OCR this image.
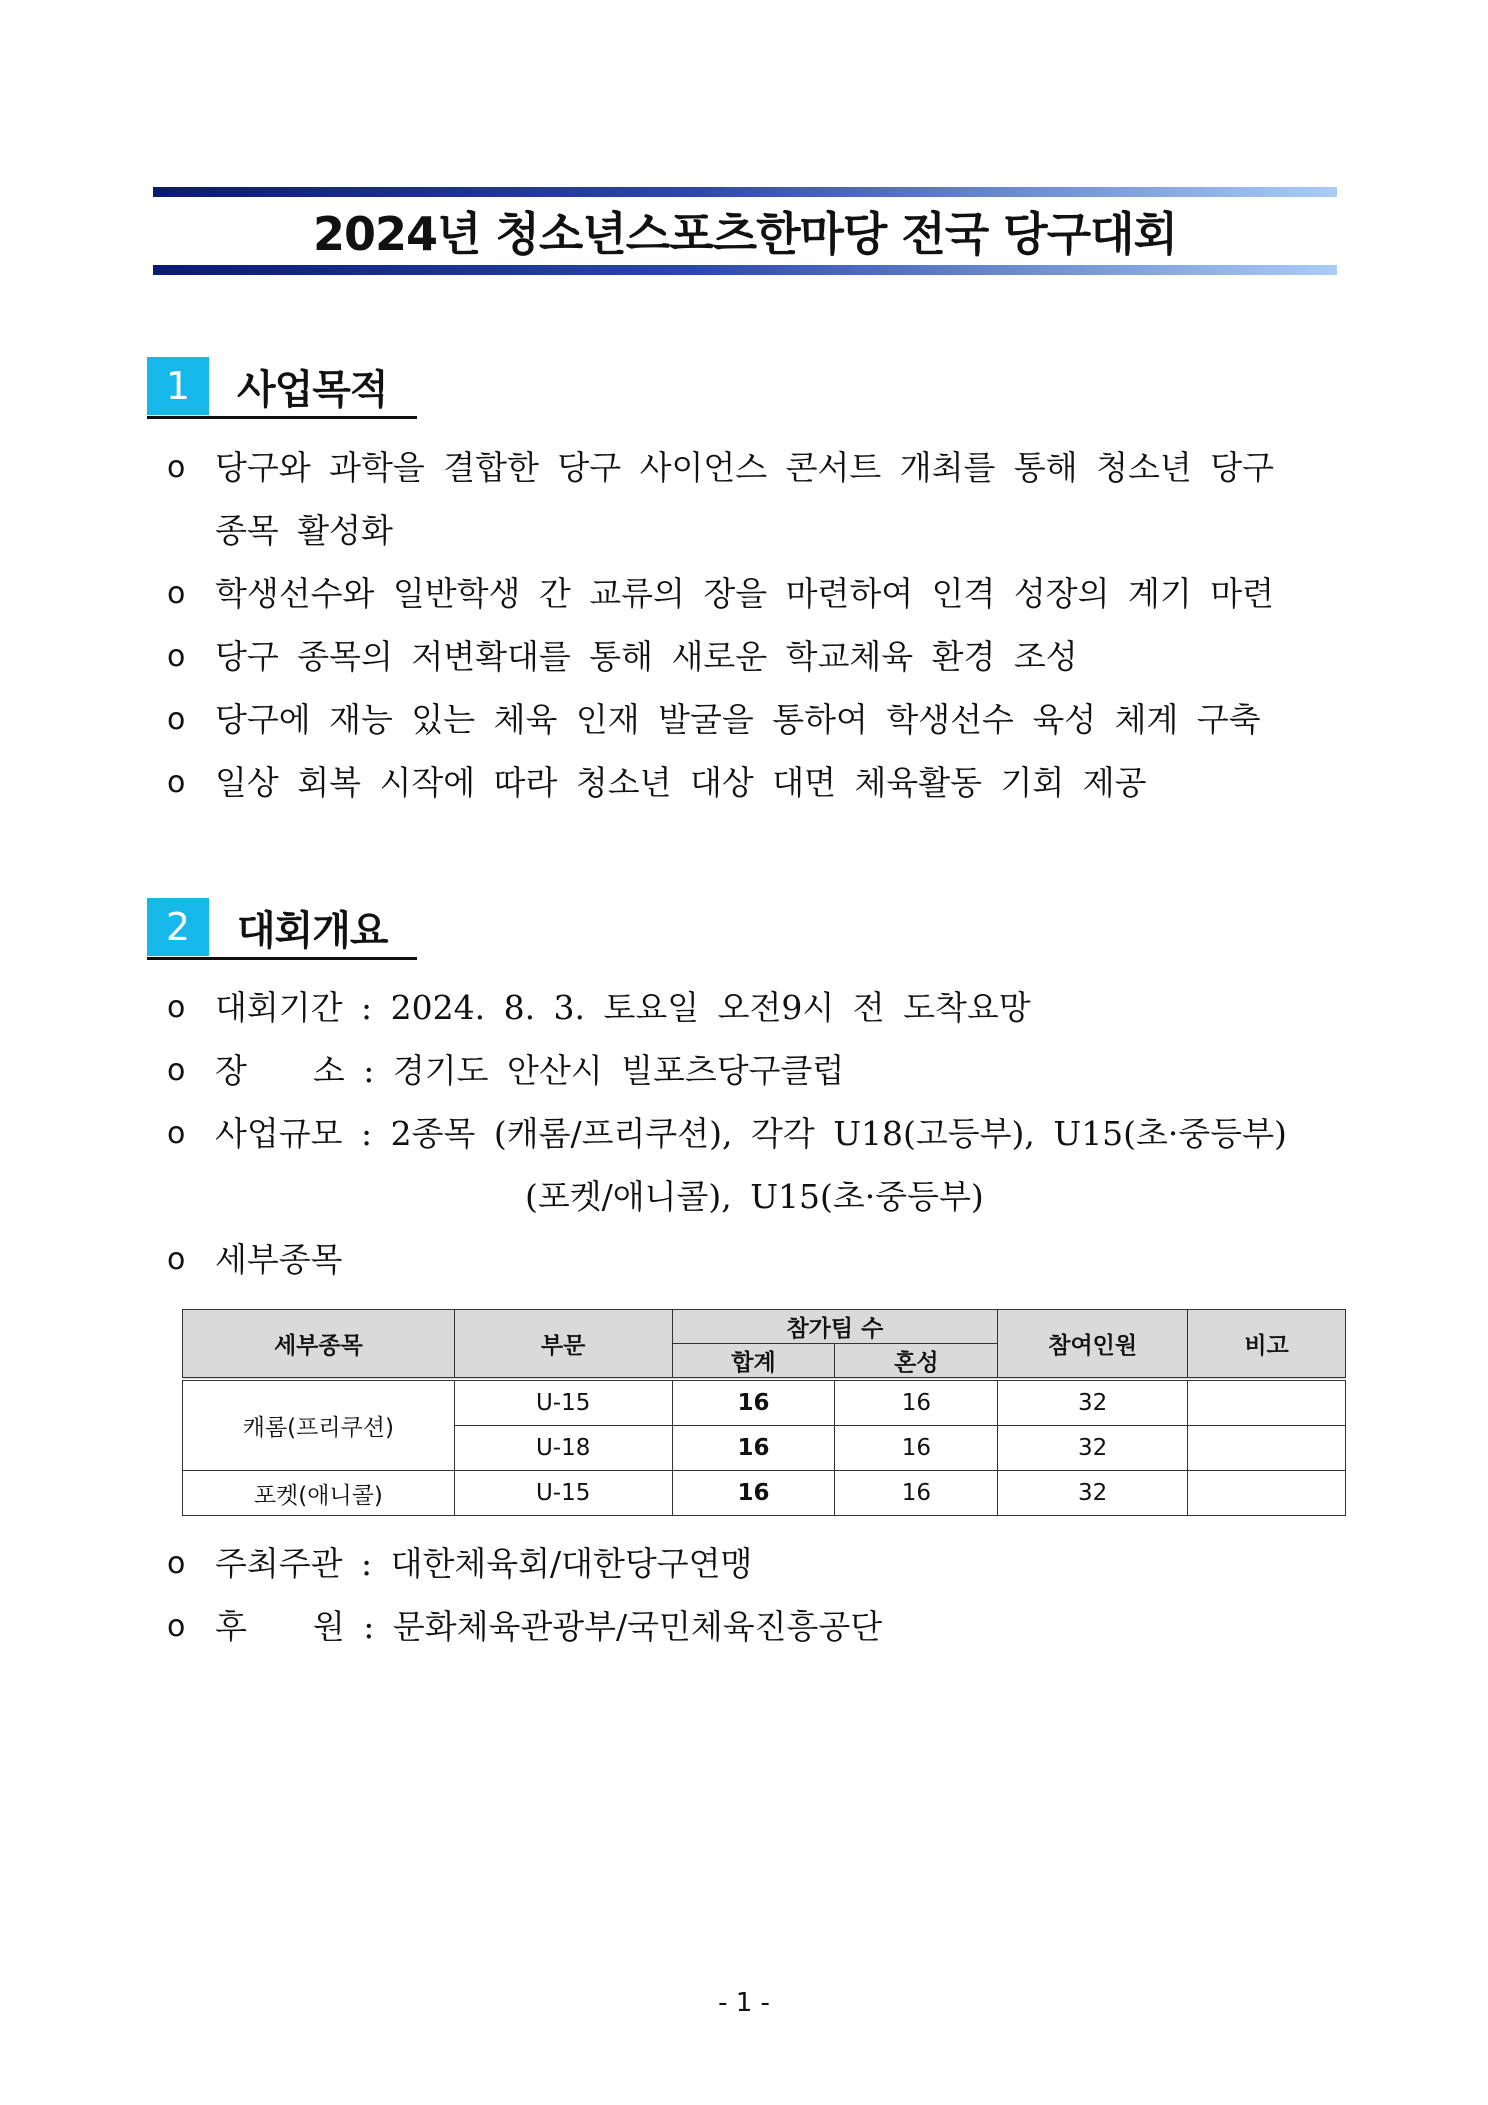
2024년 청소년스포츠한마당 전국 당구대회
1	사업목적
o 당구와 과학을 결합한 당구 사이언스 콘서트 개최를 통해 청소년 당구
종목 활성화
o 학생선수와 일반학생 간 교류의 장을 마련하여 인격 성장의 계기 마련
o 당구 종목의 저변확대를 통해 새로운 학교체육 환경 조성
o 당구에 재능 있는 체육 인재 발굴을 통하여 학생선수 육성 체계 구축
o 일상 회복 시작에 따라 청소년 대상 대면 체육활동 기회 제공
2	대회개요
o 대회기간 : 2024. 8. 3. 토요일 오전9시 전 도착요망
o 장　　소 : 경기도 안산시 빌포츠당구클럽
o 사업규모 : 2종목 (캐롬/프리쿠션), 각각 U18(고등부), U15(초·중등부)
(포켓/애니콜), U15(초·중등부)
o 세부종목
세부종목	부문	참가팀 수		참여인원	비고
		합계	혼성		
캐롬(프리쿠션)	U-15	16	16	32	
	U-18	16	16	32	
포켓(애니콜)	U-15	16	16	32	
o 주최주관 : 대한체육회/대한당구연맹
o 후　　원 : 문화체육관광부/국민체육진흥공단
- 1 -
